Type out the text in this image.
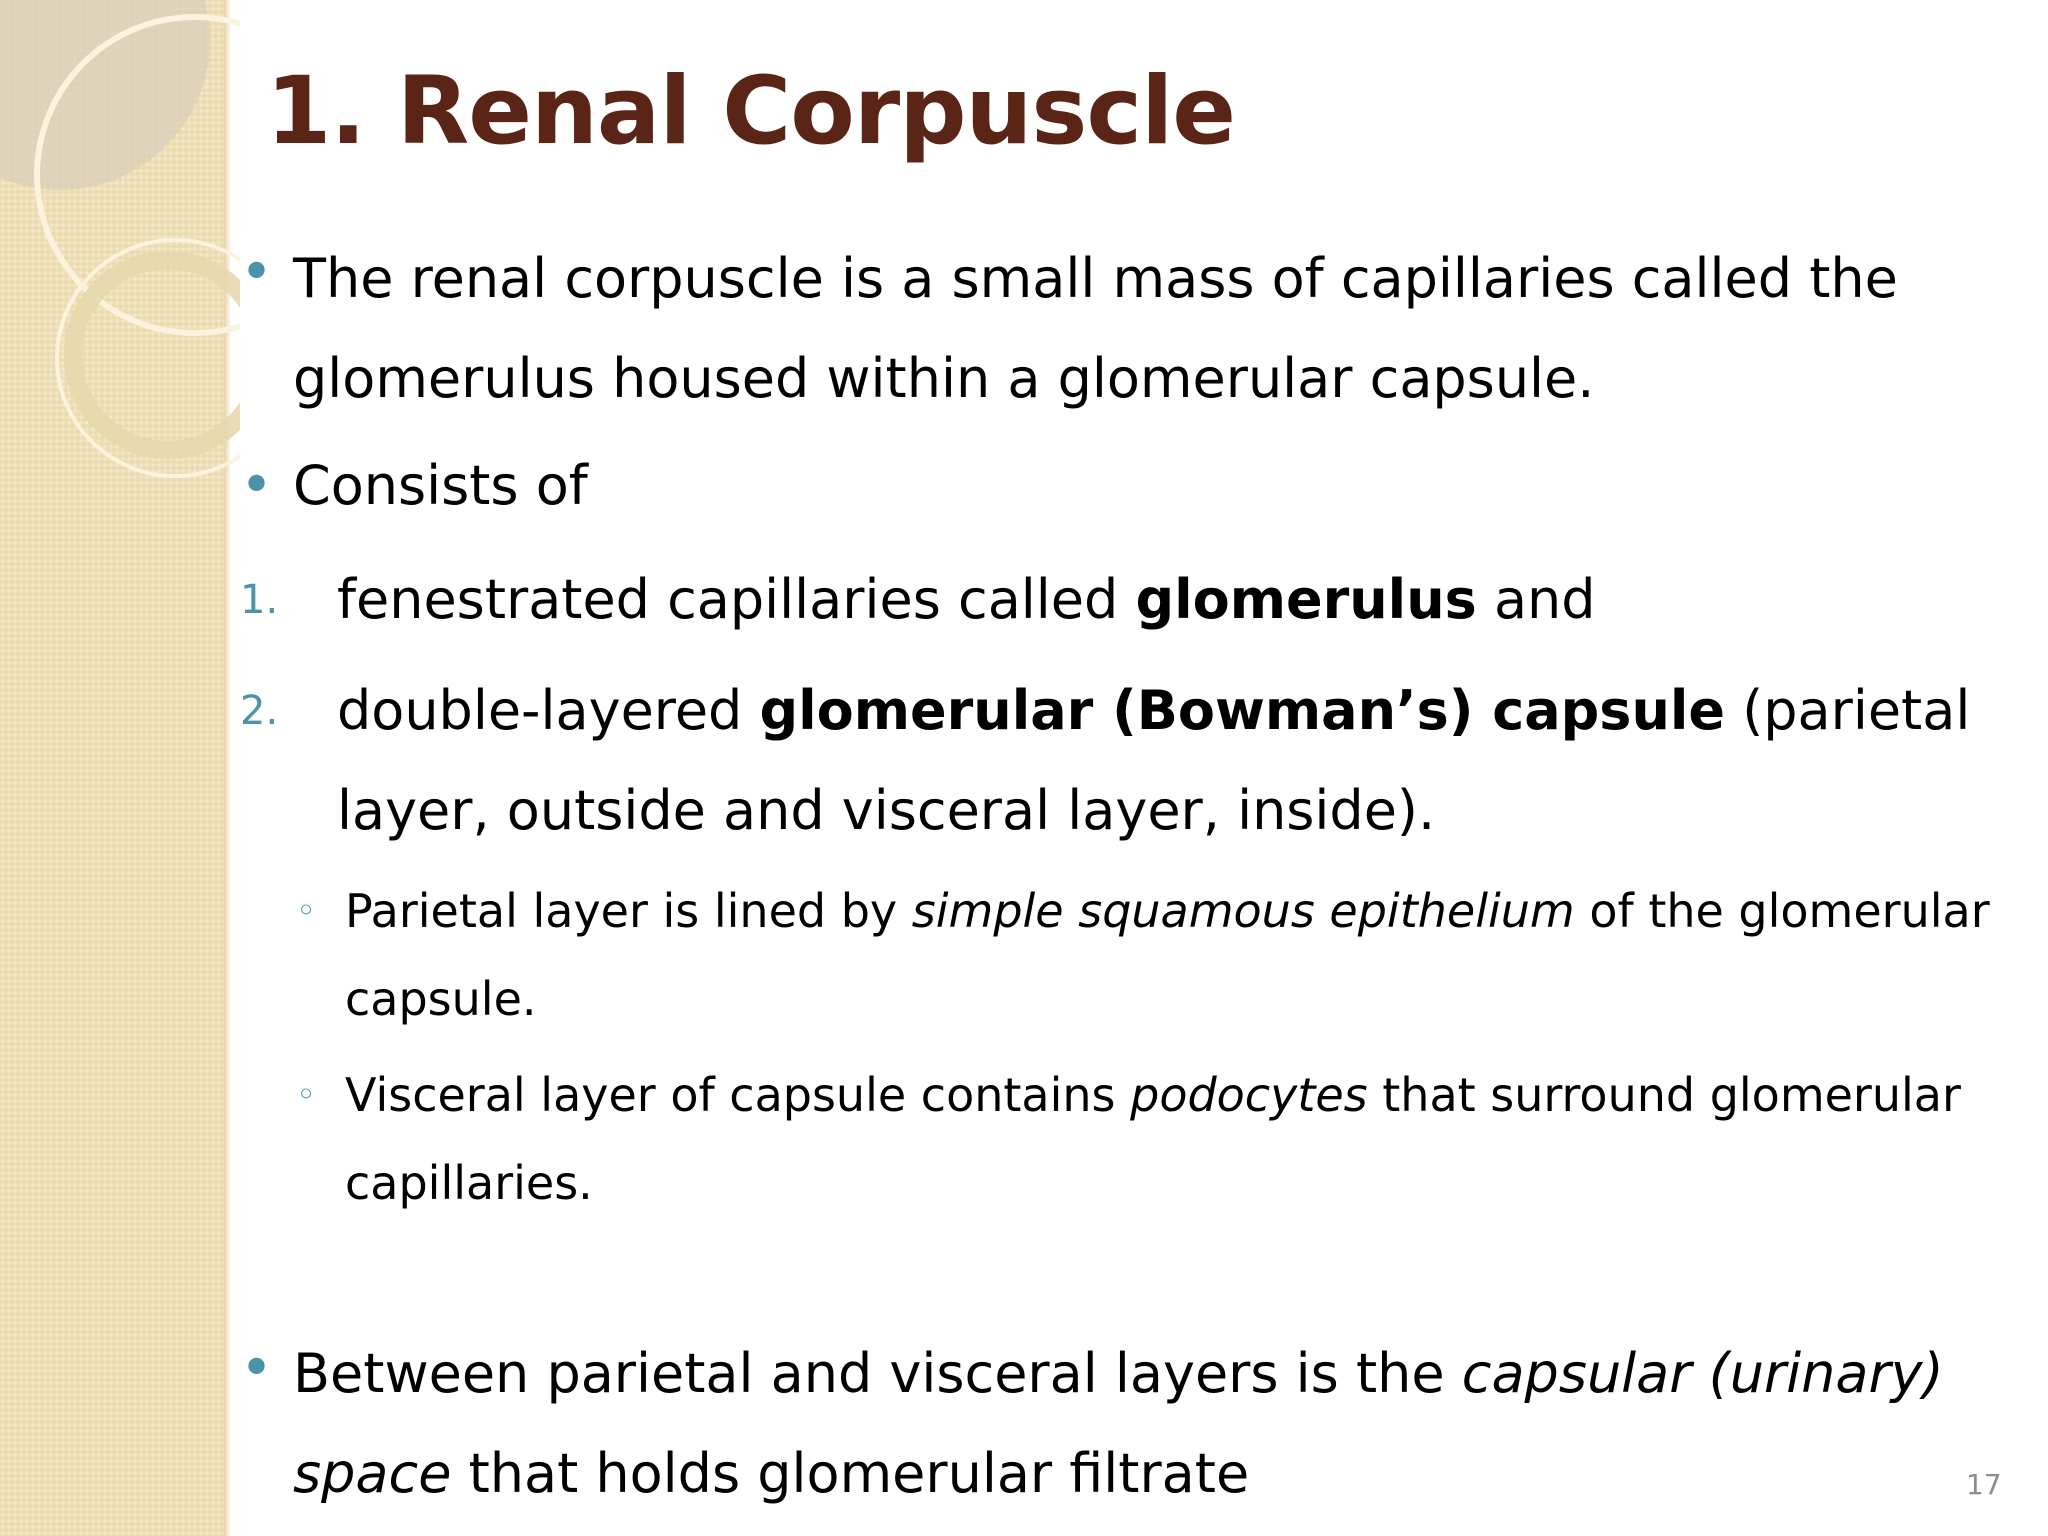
1. Renal Corpuscle
• The renal corpuscle is a small mass of capillaries called the
glomerulus housed within a glomerular capsule.
• Consists of
1. fenestrated capillaries called glomerulus and
2. double-layered glomerular (Bowman’s) capsule (parietal
layer, outside and visceral layer, inside).
◦ Parietal layer is lined by simple squamous epithelium of the glomerular
capsule.
◦ Visceral layer of capsule contains podocytes that surround glomerular
capillaries.
• Between parietal and visceral layers is the capsular (urinary)
space that holds glomerular filtrate	17
